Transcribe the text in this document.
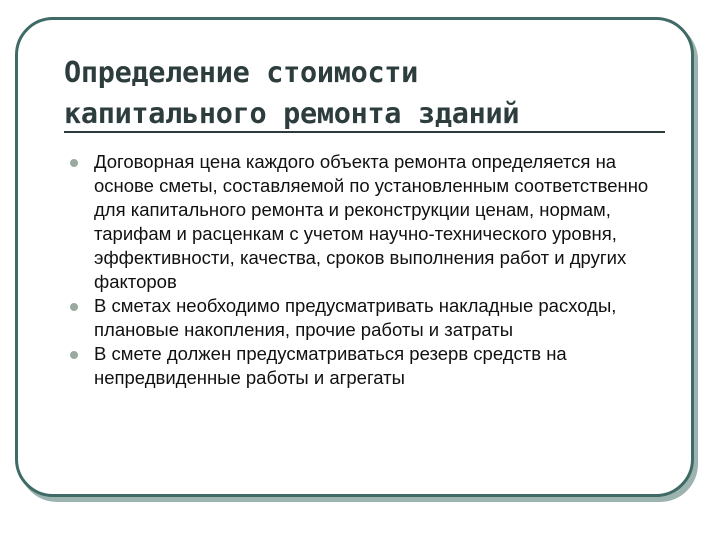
Определение стоимости
капитального ремонта зданий
Договорная цена каждого объекта ремонта определяется на основе сметы, составляемой по установленным соответственно для капитального ремонта и реконструкции ценам, нормам, тарифам и расценкам с учетом научно-технического уровня, эффективности, качества, сроков выполнения работ и других факторов
В сметах необходимо предусматривать накладные расходы, плановые накопления, прочие работы и затраты
В смете должен предусматриваться резерв средств на непредвиденные работы и агрегаты
